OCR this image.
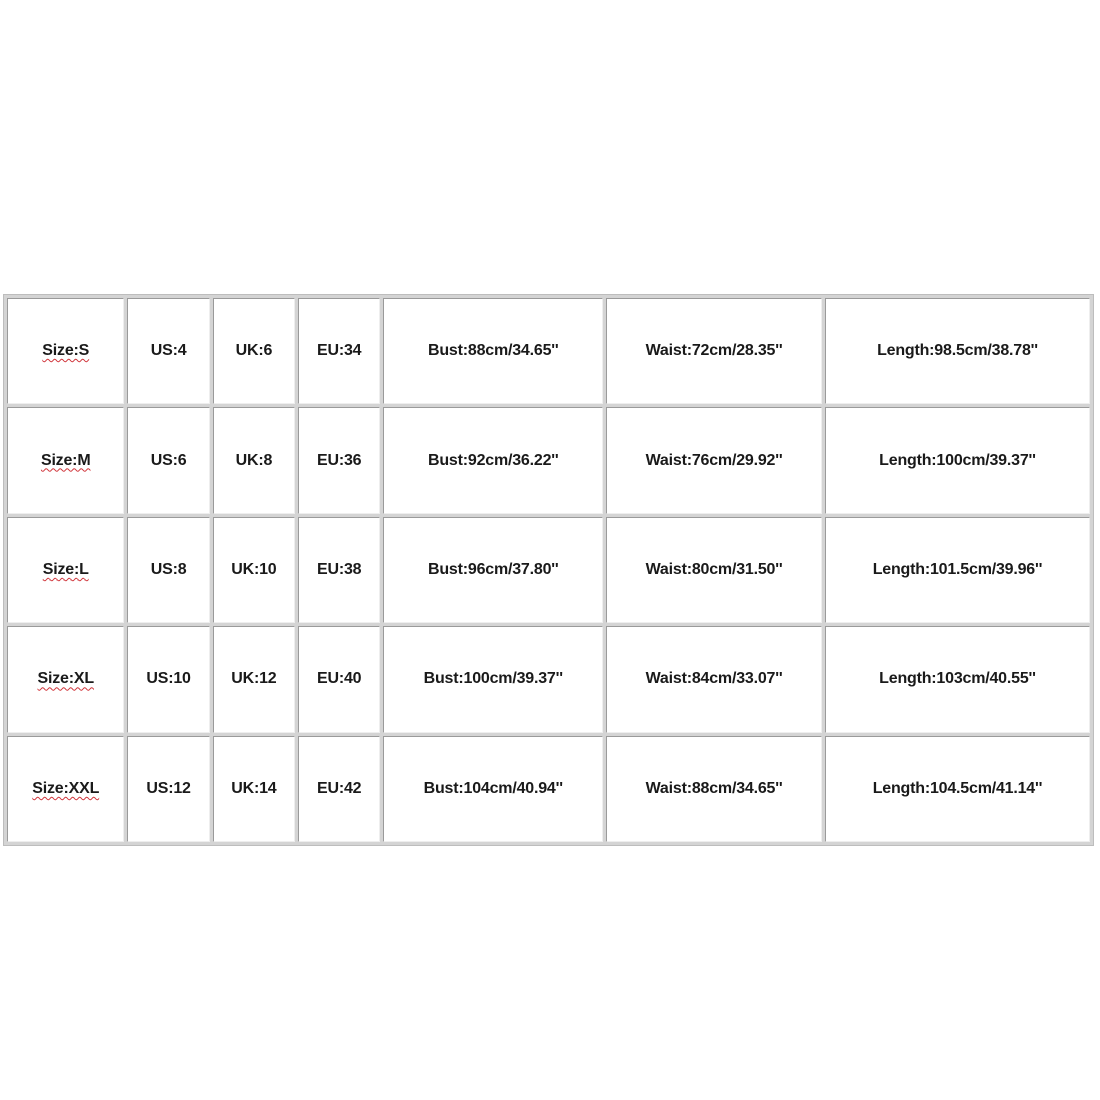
Size:S	US:4	UK:6	EU:34	Bust:88cm/34.65''	Waist:72cm/28.35''	Length:98.5cm/38.78''
Size:M	US:6	UK:8	EU:36	Bust:92cm/36.22''	Waist:76cm/29.92''	Length:100cm/39.37''
Size:L	US:8	UK:10	EU:38	Bust:96cm/37.80''	Waist:80cm/31.50''	Length:101.5cm/39.96''
Size:XL	US:10	UK:12	EU:40	Bust:100cm/39.37''	Waist:84cm/33.07''	Length:103cm/40.55''
Size:XXL	US:12	UK:14	EU:42	Bust:104cm/40.94''	Waist:88cm/34.65''	Length:104.5cm/41.14''
